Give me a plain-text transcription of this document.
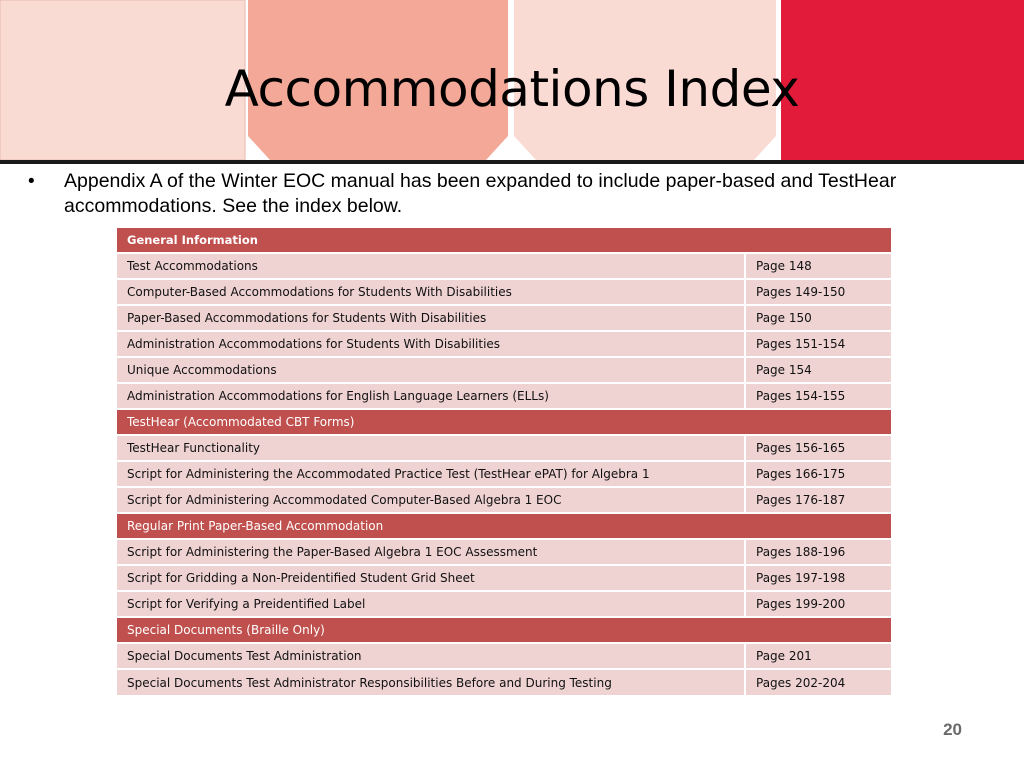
Accommodations Index
•	Appendix A of the Winter EOC manual has been expanded to include paper-based and TestHear accommodations. See the index below.
General Information	
Test Accommodations	Page 148
Computer-Based Accommodations for Students With Disabilities	Pages 149-150
Paper-Based Accommodations for Students With Disabilities	Page 150
Administration Accommodations for Students With Disabilities	Pages 151-154
Unique Accommodations	Page 154
Administration Accommodations for English Language Learners (ELLs)	Pages 154-155
TestHear (Accommodated CBT Forms)	
TestHear Functionality	Pages 156-165
Script for Administering the Accommodated Practice Test (TestHear ePAT) for Algebra 1	Pages 166-175
Script for Administering Accommodated Computer-Based Algebra 1 EOC	Pages 176-187
Regular Print Paper-Based Accommodation	
Script for Administering the Paper-Based Algebra 1 EOC Assessment	Pages 188-196
Script for Gridding a Non-Preidentified Student Grid Sheet	Pages 197-198
Script for Verifying a Preidentified Label	Pages 199-200
Special Documents (Braille Only)	
Special Documents Test Administration	Page 201
Special Documents Test Administrator Responsibilities Before and During Testing	Pages 202-204
20
